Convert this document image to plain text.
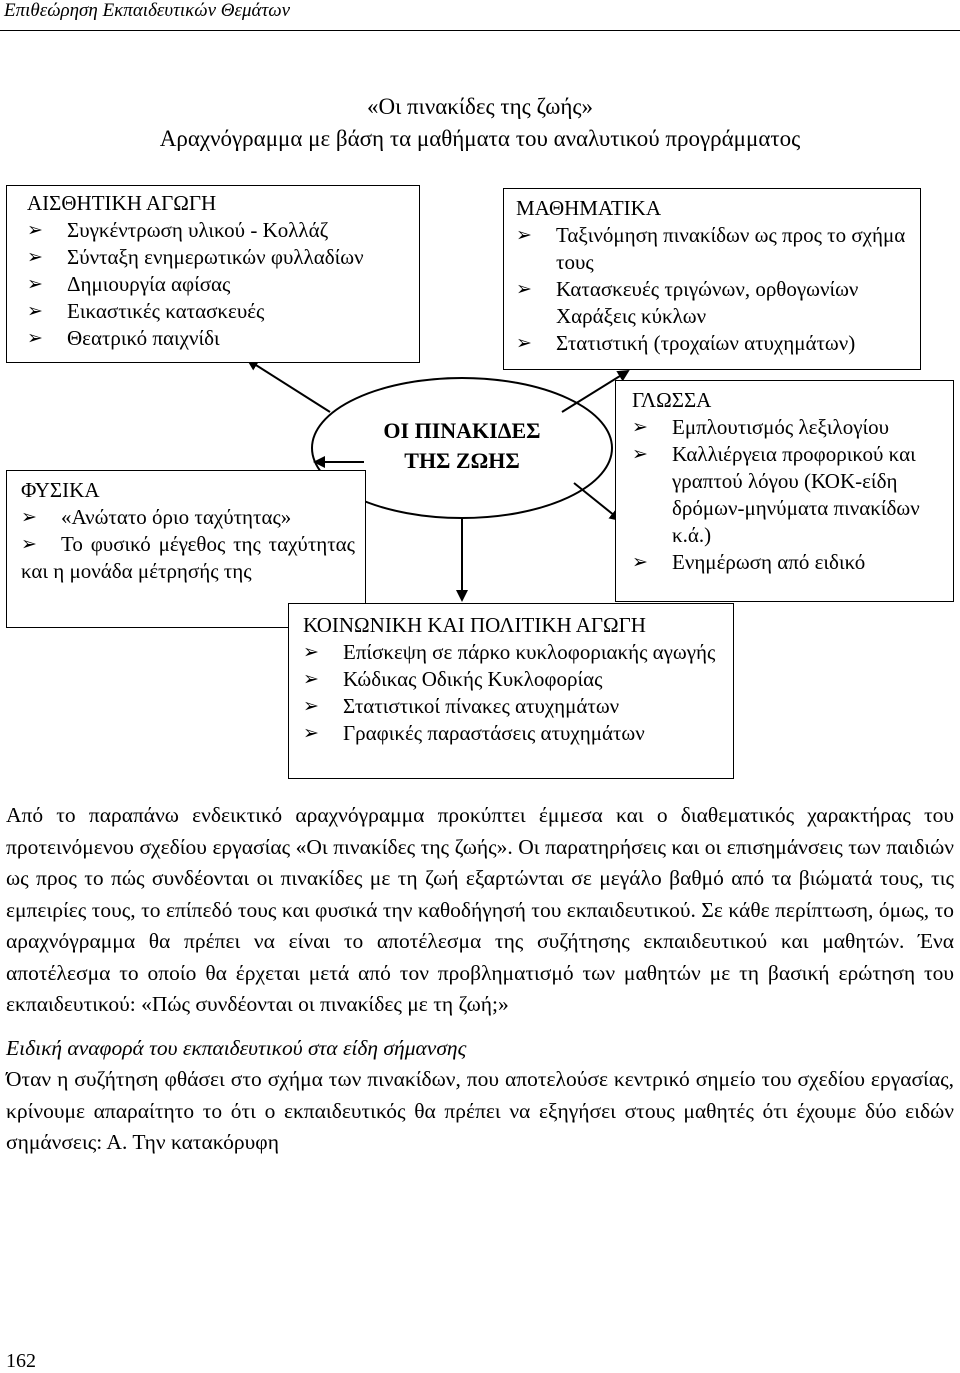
Επιθεώρηση Εκπαιδευτικών Θεμάτων
«Οι πινακίδες της ζωής»
Αραχνόγραμμα με βάση τα μαθήματα του αναλυτικού προγράμματος
ΟΙ ΠΙΝΑΚΙΔΕΣ
ΤΗΣ ΖΩΗΣ
ΑΙΣΘΗΤΙΚΗ ΑΓΩΓΗ
➢ Συγκέντρωση υλικού - Κολλάζ
➢ Σύνταξη ενημερωτικών φυλλαδίων
➢ Δημιουργία αφίσας
➢ Εικαστικές κατασκευές
➢ Θεατρικό παιχνίδι
ΜΑΘΗΜΑΤΙΚΑ
➢ Ταξινόμηση πινακίδων ως προς το σχήμα τους
➢ Κατασκευές τριγώνων, ορθογωνίων Χαράξεις κύκλων
➢ Στατιστική (τροχαίων ατυχημάτων)
ΦΥΣΙΚΑ
➢ «Ανώτατο όριο ταχύτητας»
➢ Το φυσικό μέγεθος της ταχύτητας και η μονάδα μέτρησής της
ΓΛΩΣΣΑ
➢ Εμπλουτισμός λεξιλογίου
➢ Καλλιέργεια προφορικού και γραπτού λόγου (ΚΟΚ-είδη δρόμων-μηνύματα πινακίδων κ.ά.)
➢ Ενημέρωση από ειδικό
ΚΟΙΝΩΝΙΚΗ ΚΑΙ ΠΟΛΙΤΙΚΗ ΑΓΩΓΗ
➢ Επίσκεψη σε πάρκο κυκλοφοριακής αγωγής
➢ Κώδικας Οδικής Κυκλοφορίας
➢ Στατιστικοί πίνακες ατυχημάτων
➢ Γραφικές παραστάσεις ατυχημάτων

Από το παραπάνω ενδεικτικό αραχνόγραμμα προκύπτει έμμεσα και ο διαθεματικός χαρακτήρας του προτεινόμενου σχεδίου εργασίας «Οι πινακίδες της ζωής». Οι παρατηρήσεις και οι επισημάνσεις των παιδιών ως προς το πώς συνδέονται οι πινακίδες με τη ζωή εξαρτώνται σε μεγάλο βαθμό από τα βιώματά τους, τις εμπειρίες τους, το επίπεδό τους και φυσικά την καθοδήγησή του εκπαιδευτικού. Σε κάθε περίπτωση, όμως, το αραχνόγραμμα θα πρέπει να είναι το αποτέλεσμα της συζήτησης εκπαιδευτικού και μαθητών. Ένα αποτέλεσμα το οποίο θα έρχεται μετά από τον προβληματισμό των μαθητών με τη βασική ερώτηση του εκπαιδευτικού: «Πώς συνδέονται οι πινακίδες με τη ζωή;»

Ειδική αναφορά του εκπαιδευτικού στα είδη σήμανσης

Όταν η συζήτηση φθάσει στο σχήμα των πινακίδων, που αποτελούσε κεντρικό σημείο του σχεδίου εργασίας, κρίνουμε απαραίτητο το ότι ο εκπαιδευτικός θα πρέπει να εξηγήσει στους μαθητές ότι έχουμε δύο ειδών σημάνσεις: Α. Την κατακόρυφη

162
